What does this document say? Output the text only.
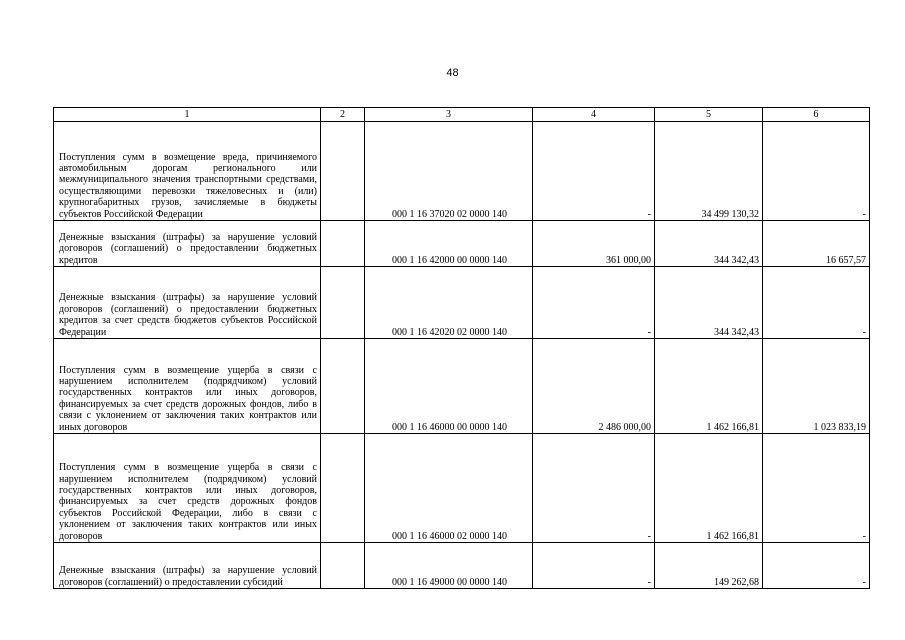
48
1	2	3	4	5	6
Поступления сумм в возмещение вреда, причиняемого автомобильным дорогам регионального или межмуниципального значения транспортными средствами, осуществляющими перевозки тяжеловесных и (или) крупногабаритных грузов, зачисляемые в бюджеты субъектов Российской Федерации		000 1 16 37020 02 0000 140	-	34 499 130,32	-
Денежные взыскания (штрафы) за нарушение условий договоров (соглашений) о предоставлении бюджетных кредитов		000 1 16 42000 00 0000 140	361 000,00	344 342,43	16 657,57
Денежные взыскания (штрафы) за нарушение условий договоров (соглашений) о предоставлении бюджетных кредитов за счет средств бюджетов субъектов Российской Федерации		000 1 16 42020 02 0000 140	-	344 342,43	-
Поступления сумм в возмещение ущерба в связи с нарушением исполнителем (подрядчиком) условий государственных контрактов или иных договоров, финансируемых за счет средств дорожных фондов, либо в связи с уклонением от заключения таких контрактов или иных договоров		000 1 16 46000 00 0000 140	2 486 000,00	1 462 166,81	1 023 833,19
Поступления сумм в возмещение ущерба в связи с нарушением исполнителем (подрядчиком) условий государственных контрактов или иных договоров, финансируемых за счет средств дорожных фондов субъектов Российской Федерации, либо в связи с уклонением от заключения таких контрактов или иных договоров		000 1 16 46000 02 0000 140	-	1 462 166,81	-
Денежные взыскания (штрафы) за нарушение условий договоров (соглашений) о предоставлении субсидий		000 1 16 49000 00 0000 140	-	149 262,68	-
